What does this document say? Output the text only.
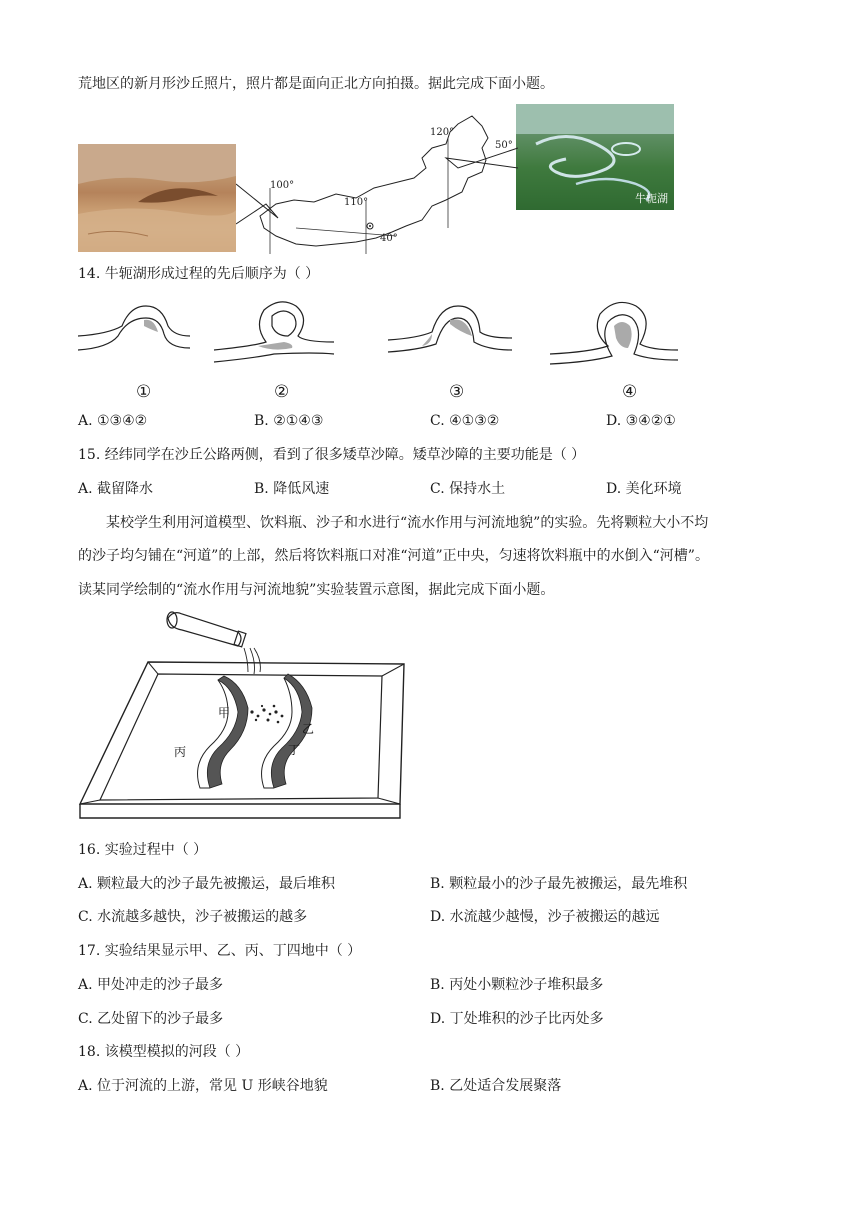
荒地区的新月形沙丘照片，照片都是面向正北方向拍摄。据此完成下面小题。
牛轭湖
120°
100°
110°
50°
40°
14. 牛轭湖形成过程的先后顺序为（ ）
①	②	③	④
A. ①③④②	B. ②①④③	C. ④①③②	D. ③④②①
15. 经纬同学在沙丘公路两侧，看到了很多矮草沙障。矮草沙障的主要功能是（ ）
A. 截留降水	B. 降低风速	C. 保持水土	D. 美化环境
某校学生利用河道模型、饮料瓶、沙子和水进行“流水作用与河流地貌”的实验。先将颗粒大小不均
的沙子均匀铺在“河道”的上部，然后将饮料瓶口对准“河道”正中央，匀速将饮料瓶中的水倒入“河槽”。
读某同学绘制的“流水作用与河流地貌”实验装置示意图，据此完成下面小题。
甲
乙
丙	丁
16. 实验过程中（ ）
A. 颗粒最大的沙子最先被搬运，最后堆积	B. 颗粒最小的沙子最先被搬运，最先堆积
C. 水流越多越快，沙子被搬运的越多	D. 水流越少越慢，沙子被搬运的越远
17. 实验结果显示甲、乙、丙、丁四地中（ ）
A. 甲处冲走的沙子最多	B. 丙处小颗粒沙子堆积最多
C. 乙处留下的沙子最多	D. 丁处堆积的沙子比丙处多
18. 该模型模拟的河段（ ）
A. 位于河流的上游，常见 U 形峡谷地貌	B. 乙处适合发展聚落
